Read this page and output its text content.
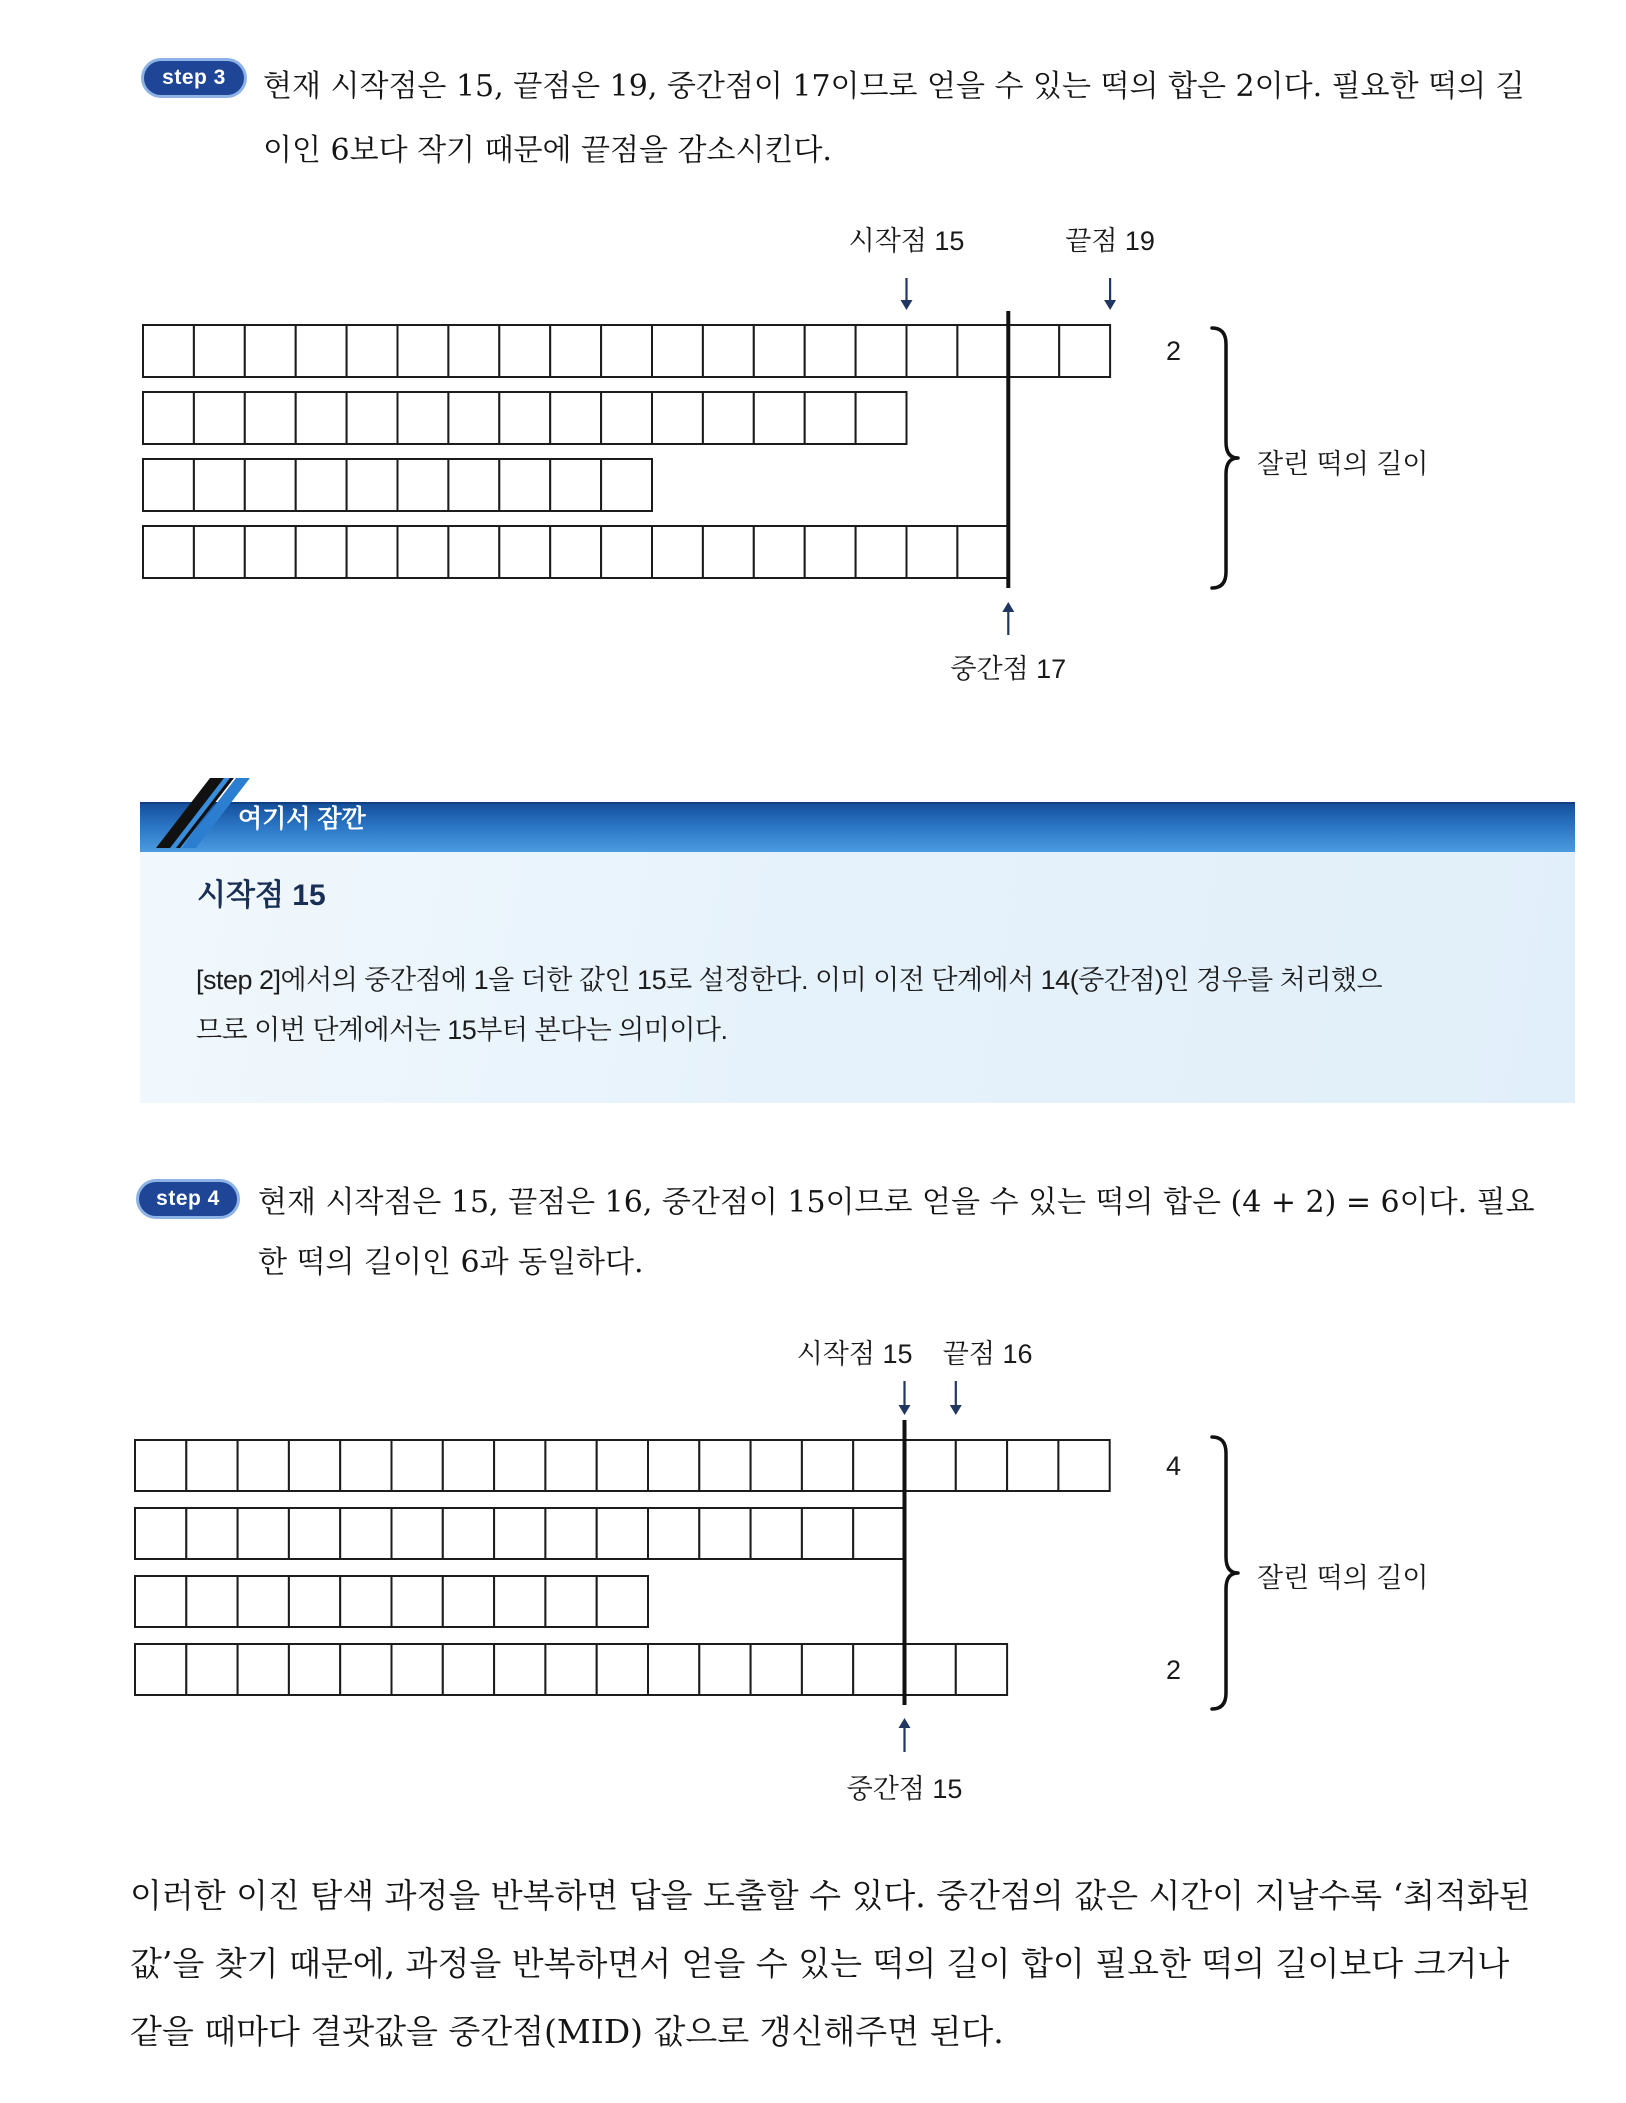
step 3	현재 시작점은 15, 끝점은 19, 중간점이 17이므로 얻을 수 있는 떡의 합은 2이다. 필요한 떡의 길
이인 6보다 작기 때문에 끝점을 감소시킨다.
시작점 15	끝점 19
중간점 17
2
잘린 떡의 길이
여기서 잠깐
시작점 15
[step 2]에서의 중간점에 1을 더한 값인 15로 설정한다. 이미 이전 단계에서 14(중간점)인 경우를 처리했으
므로 이번 단계에서는 15부터 본다는 의미이다.
step 4	현재 시작점은 15, 끝점은 16, 중간점이 15이므로 얻을 수 있는 떡의 합은 (4 + 2) = 6이다. 필요
한 떡의 길이인 6과 동일하다.
시작점 15 끝점 16
중간점 15
4
2
잘린 떡의 길이
이러한 이진 탐색 과정을 반복하면 답을 도출할 수 있다. 중간점의 값은 시간이 지날수록 ‘최적화된
값’을 찾기 때문에, 과정을 반복하면서 얻을 수 있는 떡의 길이 합이 필요한 떡의 길이보다 크거나
같을 때마다 결괏값을 중간점(MID) 값으로 갱신해주면 된다.
